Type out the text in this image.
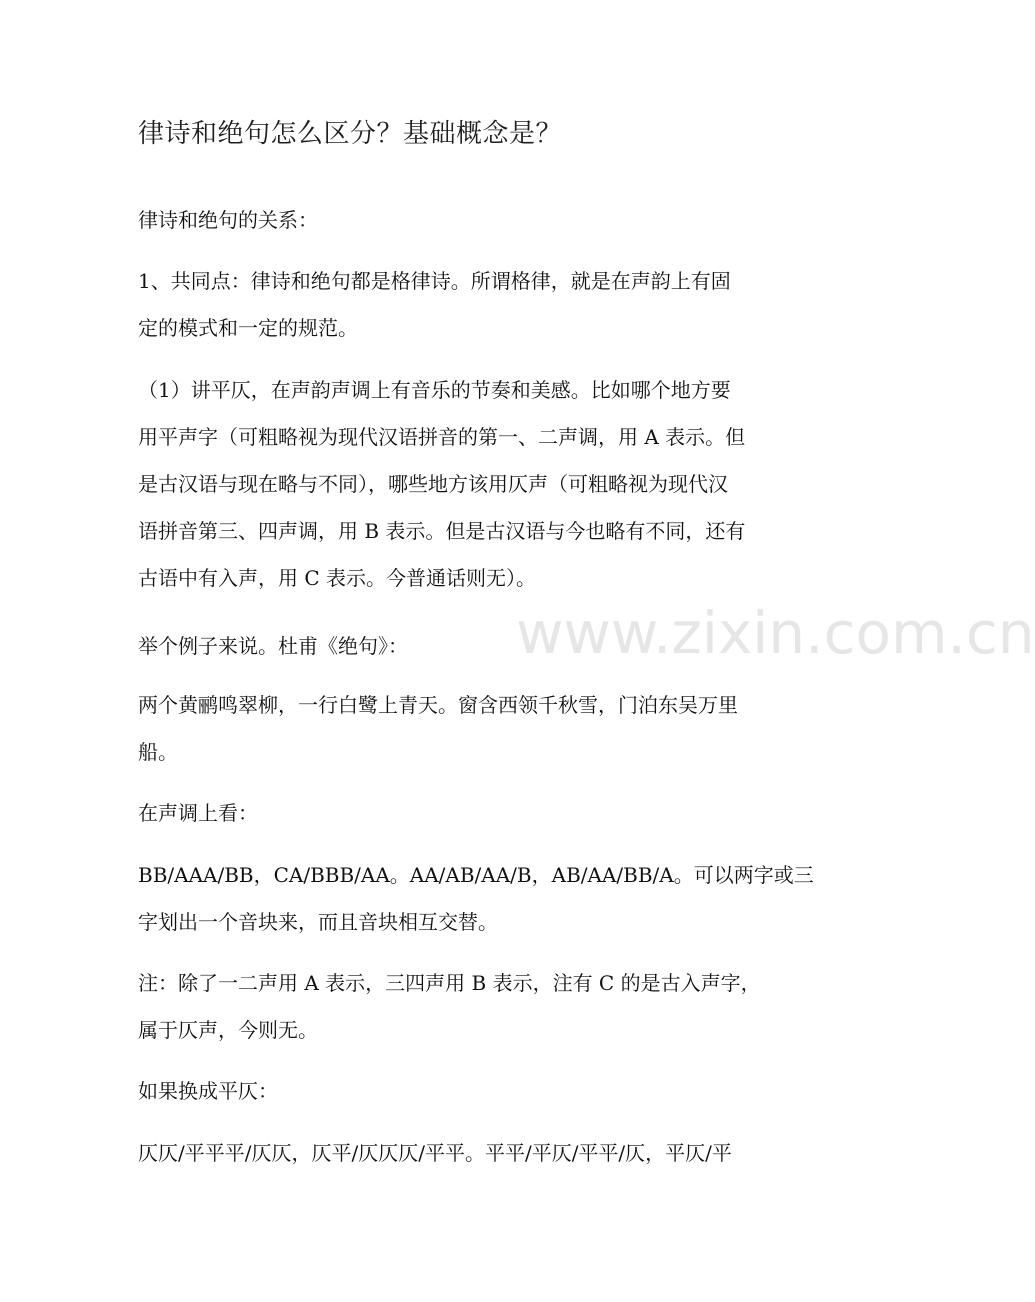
www.zixin.com.cn
律诗和绝句怎么区分？基础概念是？
律诗和绝句的关系：
1、共同点：律诗和绝句都是格律诗。所谓格律，就是在声韵上有固
定的模式和一定的规范。
（1）讲平仄，在声韵声调上有音乐的节奏和美感。比如哪个地方要
用平声字（可粗略视为现代汉语拼音的第一、二声调，用 A 表示。但
是古汉语与现在略与不同），哪些地方该用仄声（可粗略视为现代汉
语拼音第三、四声调，用 B 表示。但是古汉语与今也略有不同，还有
古语中有入声，用 C 表示。今普通话则无）。
举个例子来说。杜甫《绝句》：
两个黄鹂鸣翠柳，一行白鹭上青天。窗含西领千秋雪，门泊东吴万里
船。
在声调上看：
BB/AAA/BB，CA/BBB/AA。AA/AB/AA/B，AB/AA/BB/A。可以两字或三
字划出一个音块来，而且音块相互交替。
注：除了一二声用 A 表示，三四声用 B 表示，注有 C 的是古入声字，
属于仄声，今则无。
如果换成平仄：
仄仄/平平平/仄仄，仄平/仄仄仄/平平。平平/平仄/平平/仄，平仄/平
